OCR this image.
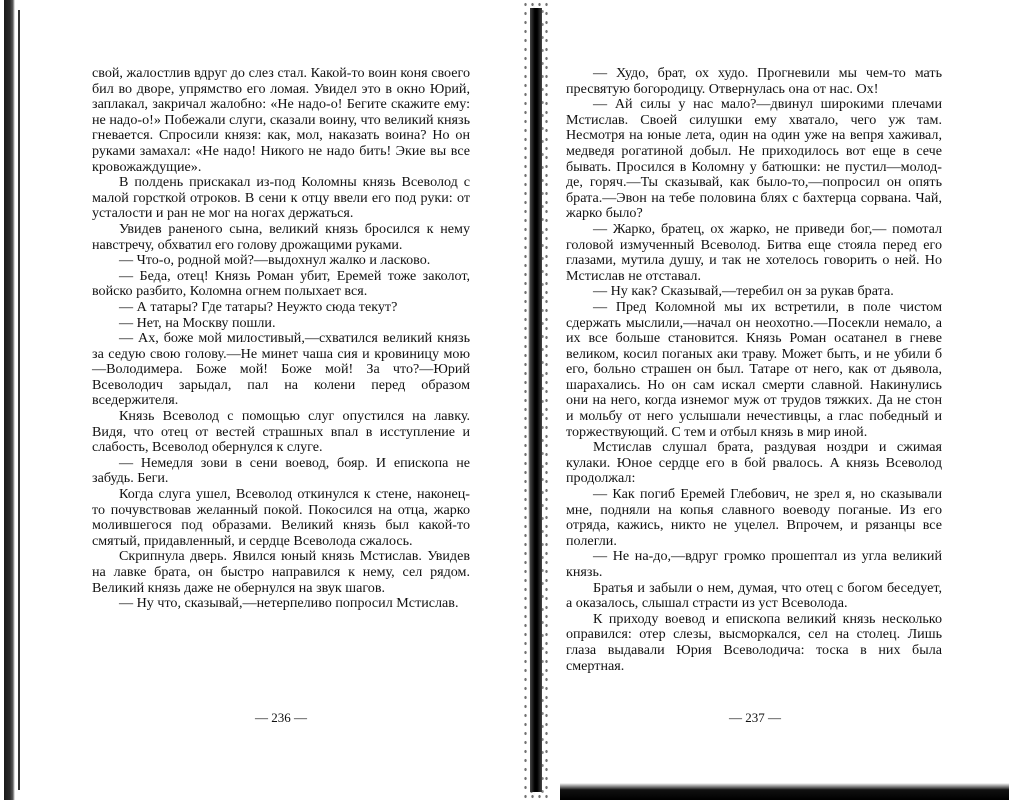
свой, жалостлив вдруг до слез стал. Какой-то воин коня своего бил во дворе, упрямство его ломая. Увидел это в окно Юрий, заплакал, закричал жалобно: «Не надо-о! Бегите скажите ему: не надо-о!» Побежали слуги, сказали воину, что великий князь гневается. Спросили князя: как, мол, наказать воина? Но он руками замахал: «Не надо! Никого не надо бить! Экие вы все кровожаждущие».

В полдень прискакал из-под Коломны князь Всеволод с малой горсткой отроков. В сени к отцу ввели его под руки: от усталости и ран не мог на ногах держаться.

Увидев раненого сына, великий князь бросился к нему навстречу, обхватил его голову дрожащими руками.

— Что-о, родной мой?—выдохнул жалко и ласково.

— Беда, отец! Князь Роман убит, Еремей тоже заколот, войско разбито, Коломна огнем полыхает вся.

— А татары? Где татары? Неужто сюда текут?

— Нет, на Москву пошли.

— Ах, боже мой милостивый,—схватился великий князь за седую свою голову.—Не минет чаша сия и кровиницу мою—Володимера. Боже мой! Боже мой! За что?—Юрий Всеволодич зарыдал, пал на колени перед образом вседержителя.

Князь Всеволод с помощью слуг опустился на лавку. Видя, что отец от вестей страшных впал в исступление и слабость, Всеволод обернулся к слуге.

— Немедля зови в сени воевод, бояр. И епископа не забудь. Беги.

Когда слуга ушел, Всеволод откинулся к стене, наконец-то почувствовав желанный покой. Покосился на отца, жарко молившегося под образами. Великий князь был какой-то смятый, придавленный, и сердце Всеволода сжалось.

Скрипнула дверь. Явился юный князь Мстислав. Увидев на лавке брата, он быстро направился к нему, сел рядом. Великий князь даже не обернулся на звук шагов.

— Ну что, сказывай,—нетерпеливо попросил Мстислав.

— 236 —

— Худо, брат, ох худо. Прогневили мы чем-то мать пресвятую богородицу. Отвернулась она от нас. Ох!

— Ай силы у нас мало?—двинул широкими плечами Мстислав. Своей силушки ему хватало, чего уж там. Несмотря на юные лета, один на один уже на вепря хаживал, медведя рогатиной добыл. Не приходилось вот еще в сече бывать. Просился в Коломну у батюшки: не пустил—молод-де, горяч.—Ты сказывай, как было-то,—попросил он опять брата.—Эвон на тебе половина блях с бахтерца сорвана. Чай, жарко было?

— Жарко, братец, ох жарко, не приведи бог,— помотал головой измученный Всеволод. Битва еще стояла перед его глазами, мутила душу, и так не хотелось говорить о ней. Но Мстислав не отставал.

— Ну как? Сказывай,—теребил он за рукав брата.

— Пред Коломной мы их встретили, в поле чистом сдержать мыслили,—начал он неохотно.—Посекли немало, а их все больше становится. Князь Роман осатанел в гневе великом, косил поганых аки траву. Может быть, и не убили б его, больно страшен он был. Татаре от него, как от дьявола, шарахались. Но он сам искал смерти славной. Накинулись они на него, когда изнемог муж от трудов тяжких. Да не стон и мольбу от него услышали нечестивцы, а глас победный и торжествующий. С тем и отбыл князь в мир иной.

Мстислав слушал брата, раздувая ноздри и сжимая кулаки. Юное сердце его в бой рвалось. А князь Всеволод продолжал:

— Как погиб Еремей Глебович, не зрел я, но сказывали мне, подняли на копья славного воеводу поганые. Из его отряда, кажись, никто не уцелел. Впрочем, и рязанцы все полегли.

— Не на-до,—вдруг громко прошептал из угла великий князь.

Братья и забыли о нем, думая, что отец с богом беседует, а оказалось, слышал страсти из уст Всеволода.

К приходу воевод и епископа великий князь несколько оправился: отер слезы, высморкался, сел на столец. Лишь глаза выдавали Юрия Всеволодича: тоска в них была смертная.

— 237 —
